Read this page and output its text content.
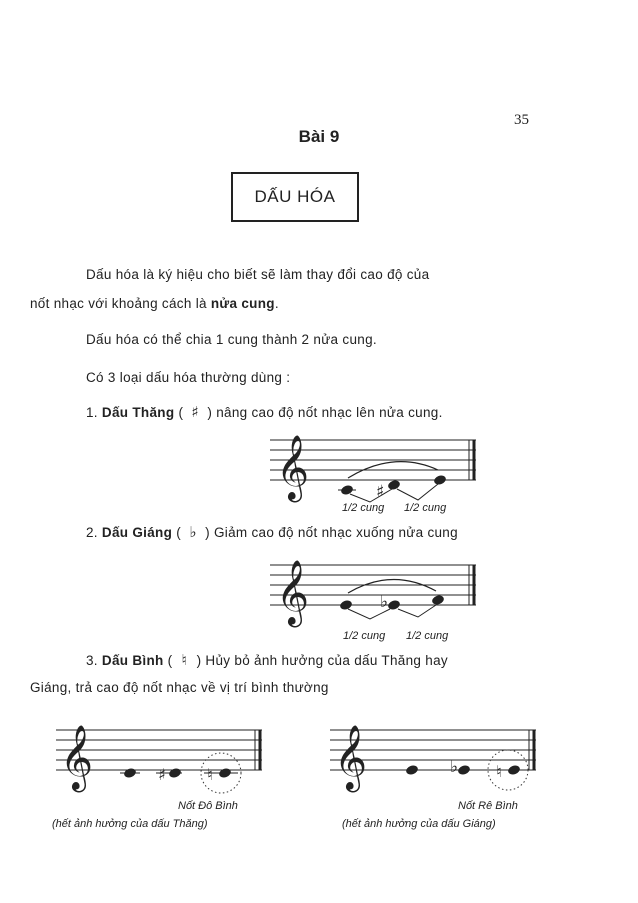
35
Bài 9
DẤU HÓA
Dấu hóa là ký hiệu cho biết sẽ làm thay đổi cao độ của
nốt nhạc với khoảng cách là nửa cung.
Dấu hóa có thể chia 1 cung thành 2 nửa cung.
Có 3 loại dấu hóa thường dùng :
1. Dấu Thăng ( ♯ ) nâng cao độ nốt nhạc lên nửa cung.
𝄞	♯
1/2 cung 1/2 cung
2. Dấu Giáng ( ♭ ) Giảm cao độ nốt nhạc xuống nửa cung
𝄞	♭
1/2 cung 1/2 cung
3. Dấu Bình ( ♮ ) Hủy bỏ ảnh hưởng của dấu Thăng hay
Giáng, trả cao độ nốt nhạc về vị trí bình thường
𝄞	♯	♮
Nốt Đô Bình
(hết ảnh hưởng của dấu Thăng)
𝄞	♭ ♮
Nốt Rê Bình
(hết ảnh hưởng của dấu Giáng)
